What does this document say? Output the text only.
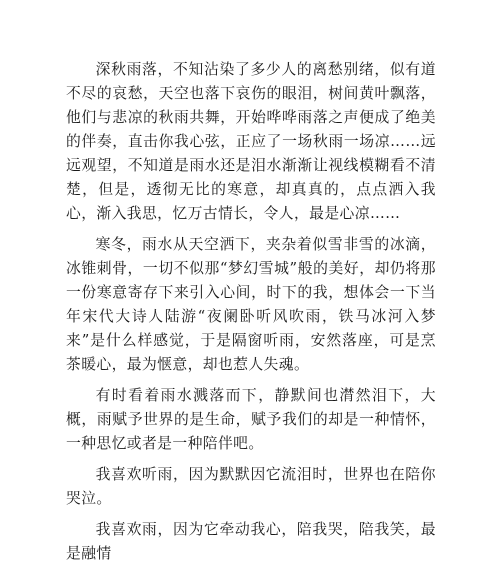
深秋雨落，不知沾染了多少人的离愁别绪，似有道不尽的哀愁，天空也落下哀伤的眼泪，树间黄叶飘落，他们与悲凉的秋雨共舞，开始哗哗雨落之声便成了绝美的伴奏，直击你我心弦，正应了一场秋雨一场凉……远远观望，不知道是雨水还是泪水渐渐让视线模糊看不清楚，但是，透彻无比的寒意，却真真的，点点洒入我心，渐入我思，忆万古情长，令人，最是心凉……

寒冬，雨水从天空洒下，夹杂着似雪非雪的冰滴，冰锥刺骨，一切不似那“梦幻雪城”般的美好，却仍将那一份寒意寄存下来引入心间，时下的我，想体会一下当年宋代大诗人陆游“夜阑卧听风吹雨，铁马冰河入梦来”是什么样感觉，于是隔窗听雨，安然落座，可是烹茶暖心，最为惬意，却也惹人失魂。

有时看着雨水溅落而下，静默间也潸然泪下，大概，雨赋予世界的是生命，赋予我们的却是一种情怀，一种思忆或者是一种陪伴吧。

我喜欢听雨，因为默默因它流泪时，世界也在陪你哭泣。

我喜欢雨，因为它牵动我心，陪我哭，陪我笑，最是融情
